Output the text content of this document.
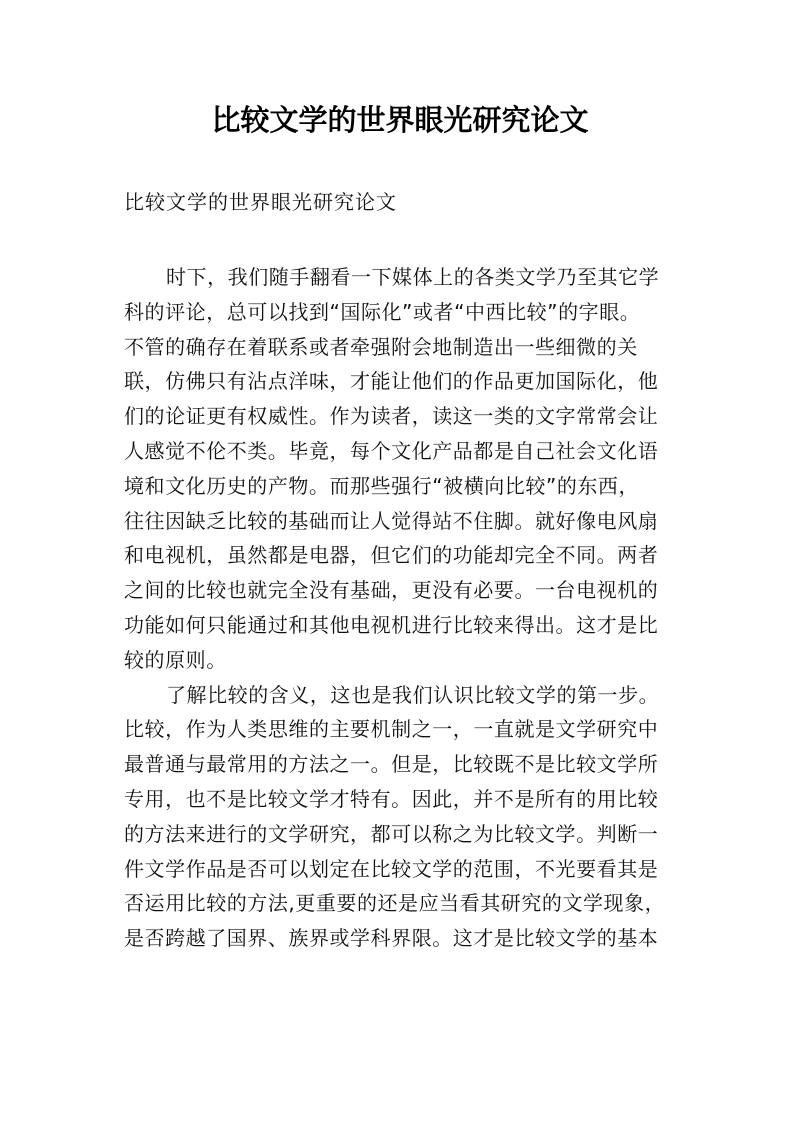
比较文学的世界眼光研究论文

比较文学的世界眼光研究论文

时下，我们随手翻看一下媒体上的各类文学乃至其它学
科的评论，总可以找到“国际化”或者“中西比较”的字眼。
不管的确存在着联系或者牵强附会地制造出一些细微的关
联，仿佛只有沾点洋味，才能让他们的作品更加国际化，他
们的论证更有权威性。作为读者，读这一类的文字常常会让
人感觉不伦不类。毕竟，每个文化产品都是自己社会文化语
境和文化历史的产物。而那些强行“被横向比较”的东西，
往往因缺乏比较的基础而让人觉得站不住脚。就好像电风扇
和电视机，虽然都是电器，但它们的功能却完全不同。两者
之间的比较也就完全没有基础，更没有必要。一台电视机的
功能如何只能通过和其他电视机进行比较来得出。这才是比
较的原则。

了解比较的含义，这也是我们认识比较文学的第一步。
比较，作为人类思维的主要机制之一，一直就是文学研究中
最普通与最常用的方法之一。但是，比较既不是比较文学所
专用，也不是比较文学才特有。因此，并不是所有的用比较
的方法来进行的文学研究，都可以称之为比较文学。判断一
件文学作品是否可以划定在比较文学的范围，不光要看其是
否运用比较的方法,更重要的还是应当看其研究的文学现象，
是否跨越了国界、族界或学科界限。这才是比较文学的基本
